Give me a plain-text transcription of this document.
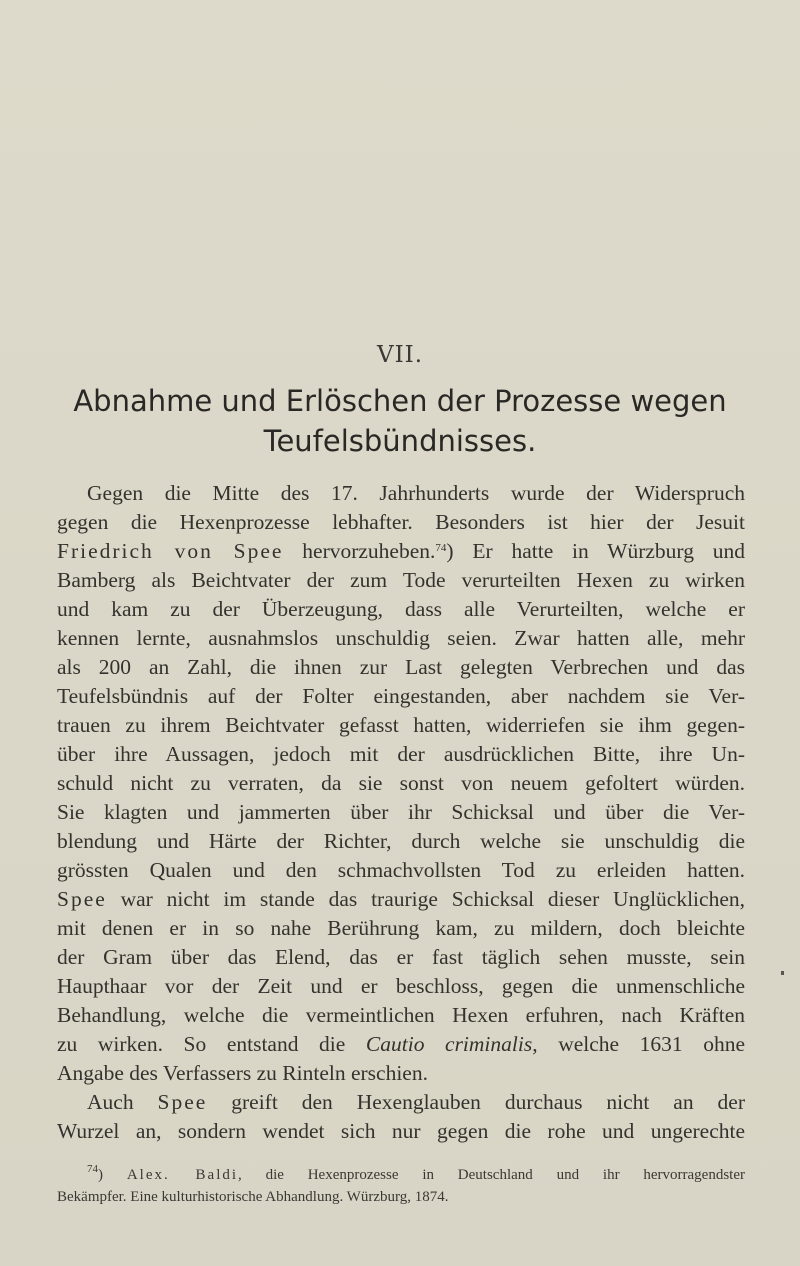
VII.
Abnahme und Erlöschen der Prozesse wegen
Teufelsbündnisses.
Gegen die Mitte des 17. Jahrhunderts wurde der Widerspruch
gegen die Hexenprozesse lebhafter. Besonders ist hier der Jesuit
Friedrich von Spee hervorzuheben.$^{74}$) Er hatte in Würzburg und
Bamberg als Beichtvater der zum Tode verurteilten Hexen zu wirken
und kam zu der Überzeugung, dass alle Verurteilten, welche er
kennen lernte, ausnahmslos unschuldig seien. Zwar hatten alle, mehr
als 200 an Zahl, die ihnen zur Last gelegten Verbrechen und das
Teufelsbündnis auf der Folter eingestanden, aber nachdem sie Ver-
trauen zu ihrem Beichtvater gefasst hatten, widerriefen sie ihm gegen-
über ihre Aussagen, jedoch mit der ausdrücklichen Bitte, ihre Un-
schuld nicht zu verraten, da sie sonst von neuem gefoltert würden.
Sie klagten und jammerten über ihr Schicksal und über die Ver-
blendung und Härte der Richter, durch welche sie unschuldig die
grössten Qualen und den schmachvollsten Tod zu erleiden hatten.
Spee war nicht im stande das traurige Schicksal dieser Unglücklichen,
mit denen er in so nahe Berührung kam, zu mildern, doch bleichte
der Gram über das Elend, das er fast täglich sehen musste, sein
Haupthaar vor der Zeit und er beschloss, gegen die unmenschliche
Behandlung, welche die vermeintlichen Hexen erfuhren, nach Kräften
zu wirken. So entstand die Cautio criminalis, welche 1631 ohne
Angabe des Verfassers zu Rinteln erschien.
Auch Spee greift den Hexenglauben durchaus nicht an der
Wurzel an, sondern wendet sich nur gegen die rohe und ungerechte
$^{74}$) Alex. Baldi, die Hexenprozesse in Deutschland und ihr hervorragendster
Bekämpfer. Eine kulturhistorische Abhandlung. Würzburg, 1874.
